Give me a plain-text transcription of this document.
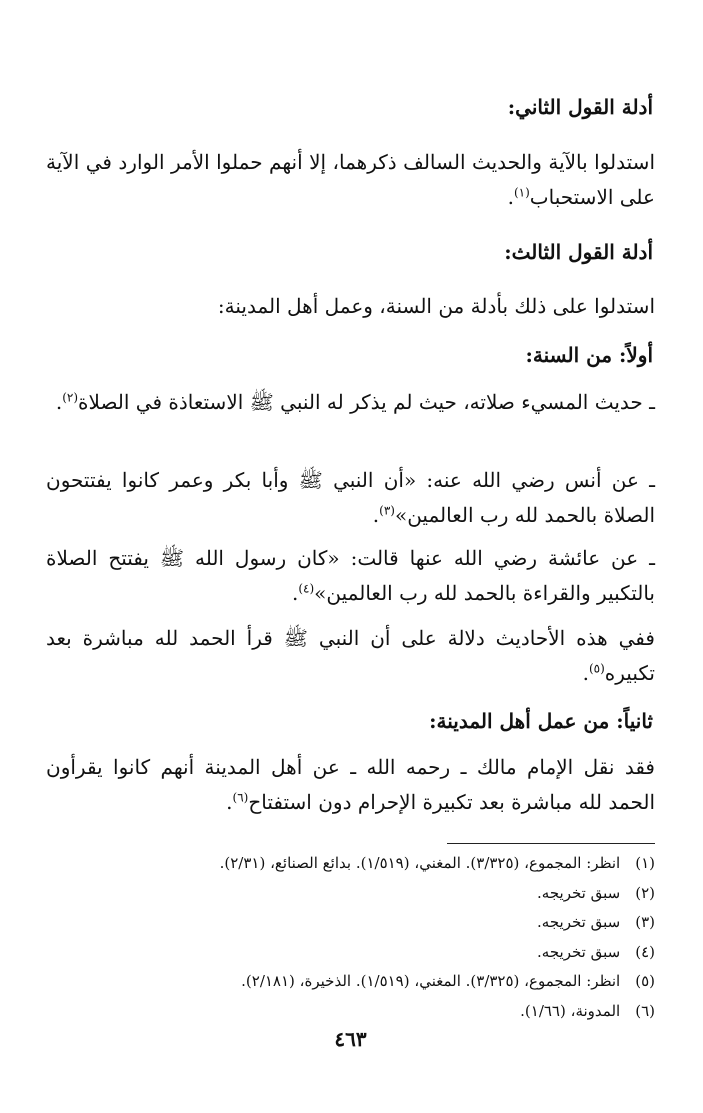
أدلة القول الثاني:
استدلوا بالآية والحديث السالف ذكرهما، إلا أنهم حملوا الأمر الوارد في الآية على الاستحباب$^{(١)}$.
أدلة القول الثالث:
استدلوا على ذلك بأدلة من السنة، وعمل أهل المدينة:
أولاً: من السنة:
ـ حديث المسيء صلاته، حيث لم يذكر له النبي ﷺ الاستعاذة في الصلاة$^{(٢)}$.
ـ عن أنس رضي الله عنه: «أن النبي ﷺ وأبا بكر وعمر كانوا يفتتحون الصلاة بالحمد لله رب العالمين»$^{(٣)}$.
ـ عن عائشة رضي الله عنها قالت: «كان رسول الله ﷺ يفتتح الصلاة بالتكبير والقراءة بالحمد لله رب العالمين»$^{(٤)}$.
ففي هذه الأحاديث دلالة على أن النبي ﷺ قرأ الحمد لله مباشرة بعد تكبيره$^{(٥)}$.
ثانياً: من عمل أهل المدينة:
فقد نقل الإمام مالك ـ رحمه الله ـ عن أهل المدينة أنهم كانوا يقرأون الحمد لله مباشرة بعد تكبيرة الإحرام دون استفتاح$^{(٦)}$.
(١) انظر: المجموع، (٣/٣٢٥). المغني، (١/٥١٩). بدائع الصنائع، (٢/٣١).
(٢) سبق تخريجه.
(٣) سبق تخريجه.
(٤) سبق تخريجه.
(٥) انظر: المجموع، (٣/٣٢٥). المغني، (١/٥١٩). الذخيرة، (٢/١٨١).
(٦) المدونة، (١/٦٦).
٤٦٣
